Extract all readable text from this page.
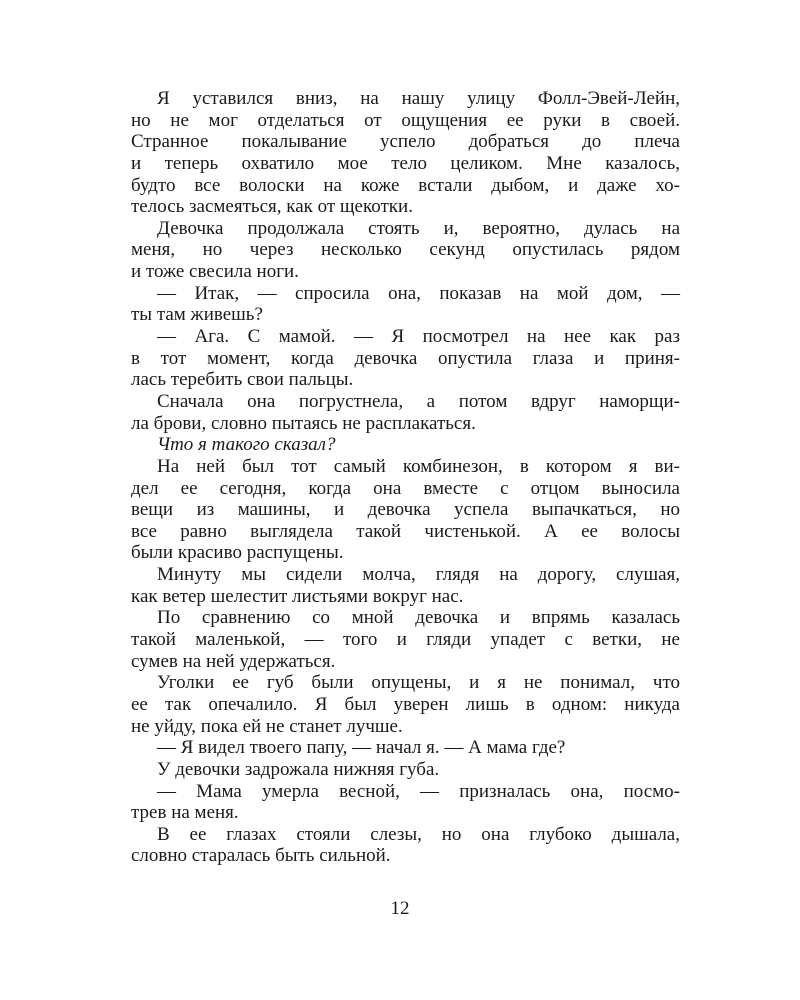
Я уставился вниз, на нашу улицу Фолл-Эвей-Лейн,
но не мог отделаться от ощущения ее руки в своей.
Странное покалывание успело добраться до плеча
и теперь охватило мое тело целиком. Мне казалось,
будто все волоски на коже встали дыбом, и даже хо-
телось засмеяться, как от щекотки.
Девочка продолжала стоять и, вероятно, дулась на
меня, но через несколько секунд опустилась рядом
и тоже свесила ноги.
— Итак, — спросила она, показав на мой дом, —
ты там живешь?
— Ага. С мамой. — Я посмотрел на нее как раз
в тот момент, когда девочка опустила глаза и приня-
лась теребить свои пальцы.
Сначала она погрустнела, а потом вдруг наморщи-
ла брови, словно пытаясь не расплакаться.
Что я такого сказал?
На ней был тот самый комбинезон, в котором я ви-
дел ее сегодня, когда она вместе с отцом выносила
вещи из машины, и девочка успела выпачкаться, но
все равно выглядела такой чистенькой. А ее волосы
были красиво распущены.
Минуту мы сидели молча, глядя на дорогу, слушая,
как ветер шелестит листьями вокруг нас.
По сравнению со мной девочка и впрямь казалась
такой маленькой, — того и гляди упадет с ветки, не
сумев на ней удержаться.
Уголки ее губ были опущены, и я не понимал, что
ее так опечалило. Я был уверен лишь в одном: никуда
не уйду, пока ей не станет лучше.
— Я видел твоего папу, — начал я. — А мама где?
У девочки задрожала нижняя губа.
— Мама умерла весной, — призналась она, посмо-
трев на меня.
В ее глазах стояли слезы, но она глубоко дышала,
словно старалась быть сильной.
12
